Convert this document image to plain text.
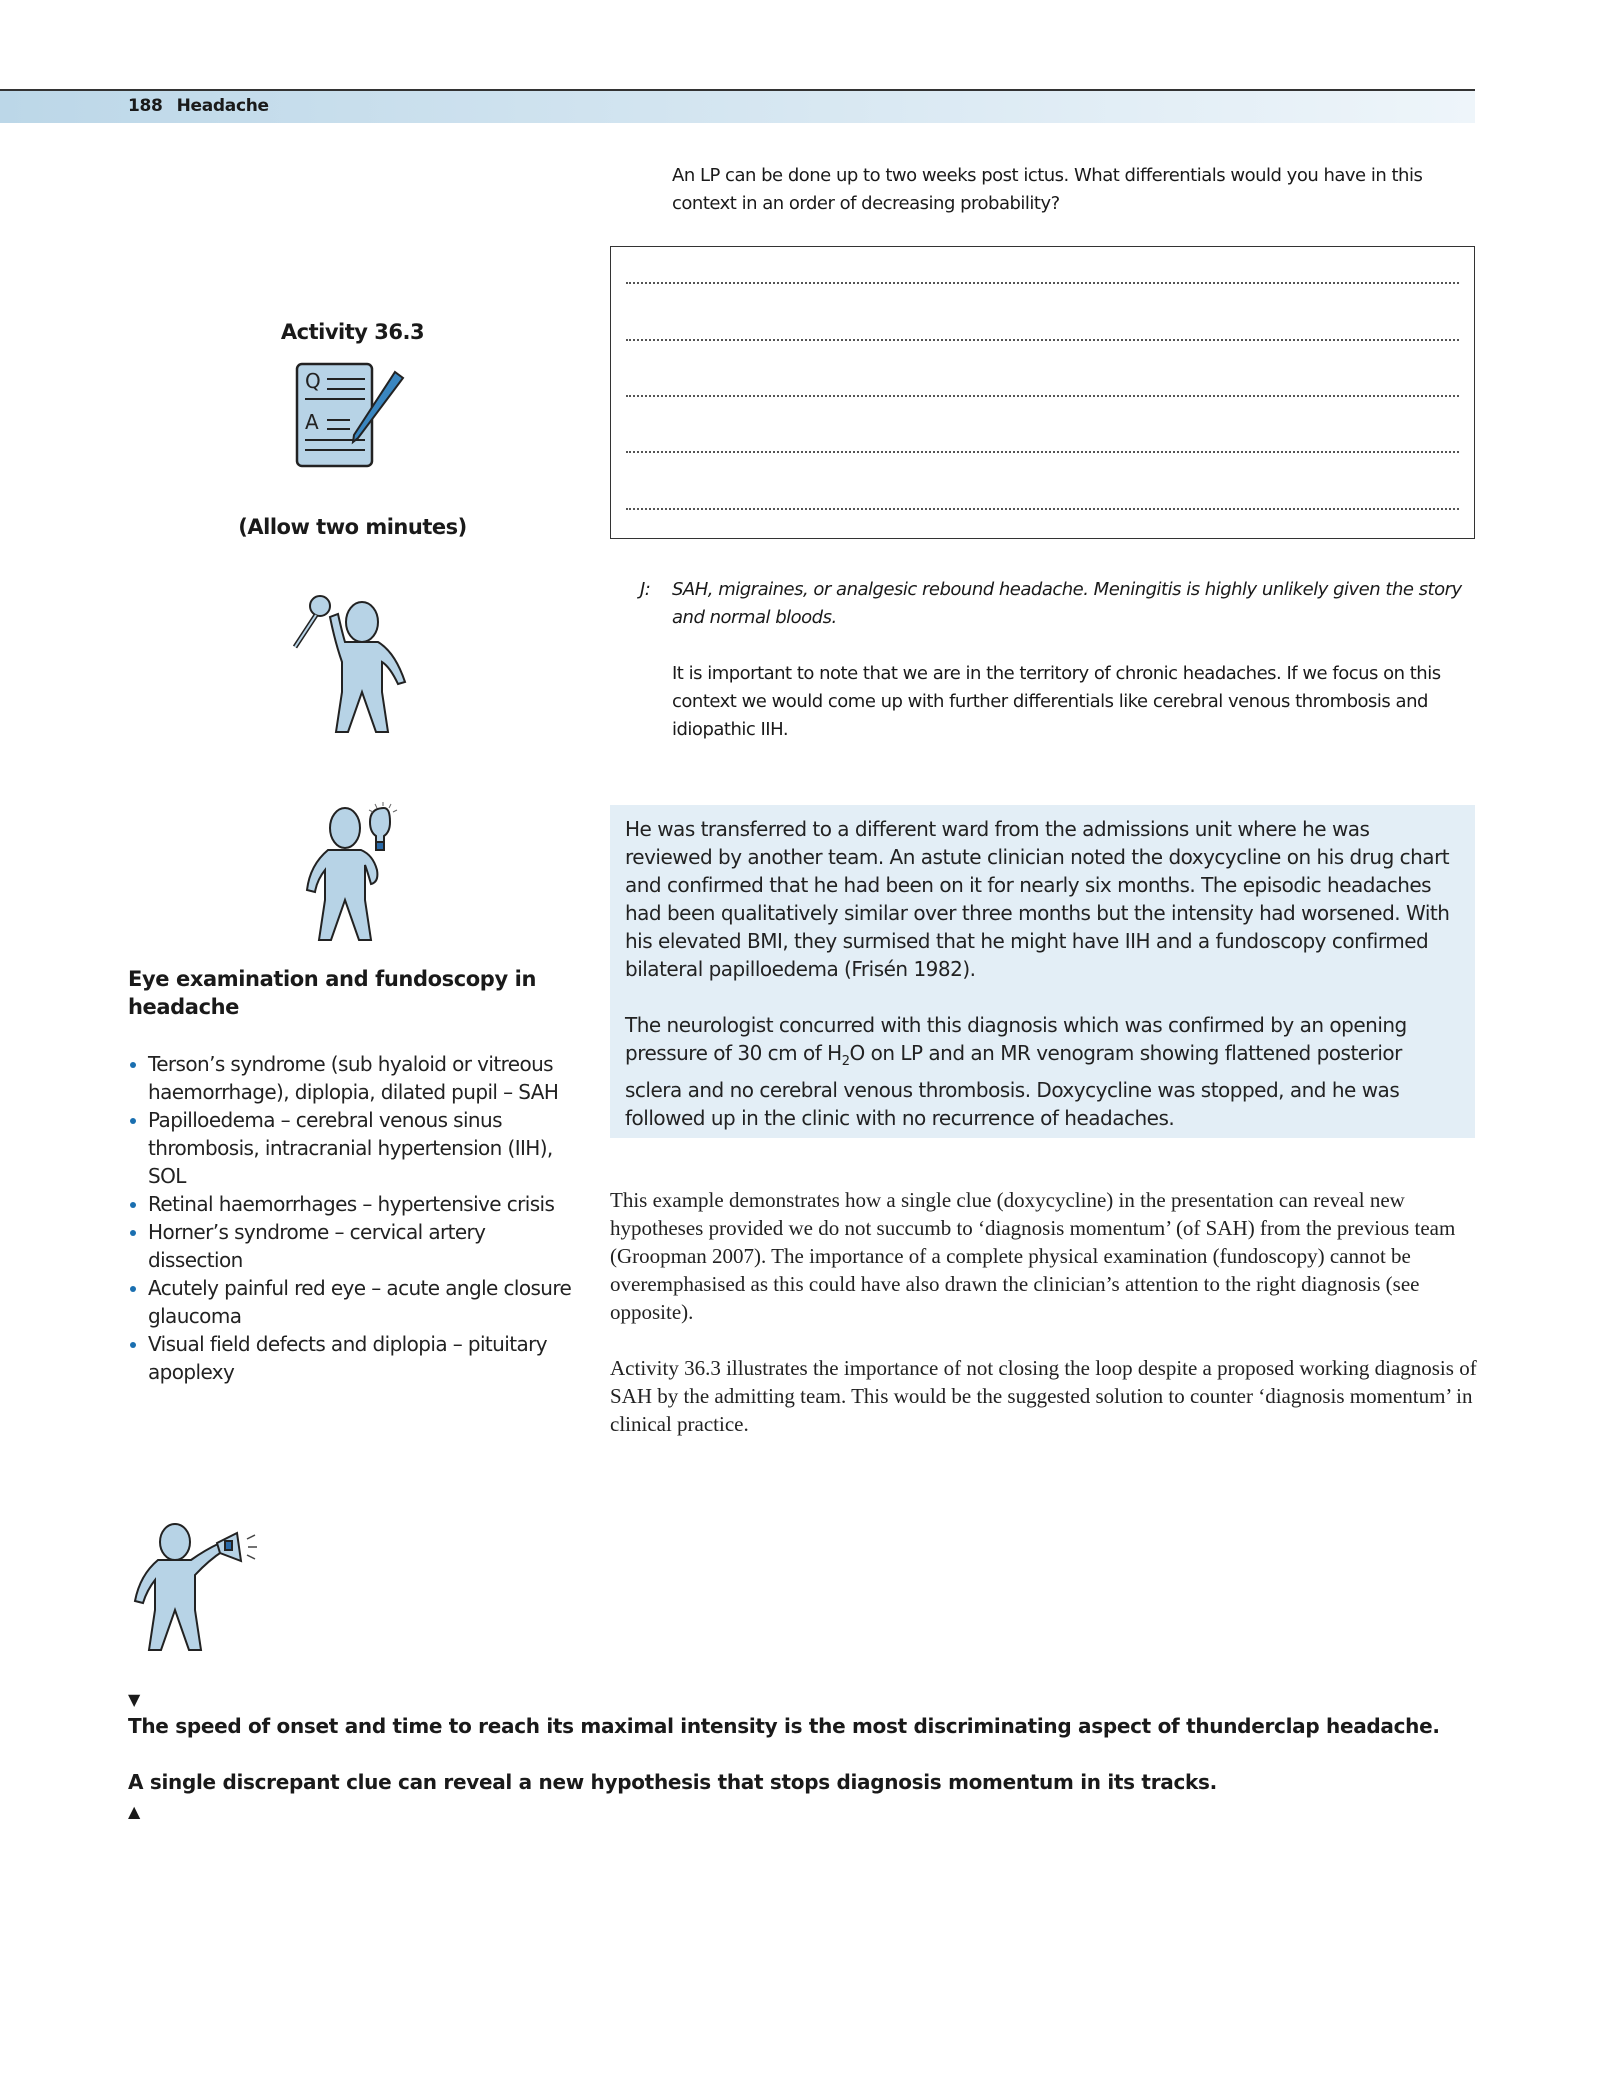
188 Headache
An LP can be done up to two weeks post ictus. What differentials would you have in this context in an order of decreasing probability?
Activity 36.3
Q
A
(Allow two minutes)
J: SAH, migraines, or analgesic rebound headache. Meningitis is highly unlikely given the story and normal bloods.
It is important to note that we are in the territory of chronic headaches. If we focus on this context we would come up with further differentials like cerebral venous thrombosis and idiopathic IIH.

He was transferred to a different ward from the admissions unit where he was reviewed by another team. An astute clinician noted the doxycycline on his drug chart and confirmed that he had been on it for nearly six months. The episodic headaches had been qualitatively similar over three months but the intensity had worsened. With his elevated BMI, they surmised that he might have IIH and a fundoscopy confirmed bilateral papilloedema (Frisén 1982).

The neurologist concurred with this diagnosis which was confirmed by an opening pressure of 30 cm of $H_2O$ on LP and an MR venogram showing flattened posterior sclera and no cerebral venous thrombosis. Doxycycline was stopped, and he was followed up in the clinic with no recurrence of headaches.

Eye examination and fundoscopy in headache
Terson’s syndrome (sub hyaloid or vitreous haemorrhage), diplopia, dilated pupil – SAH
Papilloedema – cerebral venous sinus thrombosis, intracranial hypertension (IIH), SOL
Retinal haemorrhages – hypertensive crisis
Horner’s syndrome – cervical artery dissection
Acutely painful red eye – acute angle closure glaucoma
Visual field defects and diplopia – pituitary apoplexy
This example demonstrates how a single clue (doxycycline) in the presentation can reveal new hypotheses provided we do not succumb to ‘diagnosis momentum’ (of SAH) from the previous team (Groopman 2007). The importance of a complete physical examination (fundoscopy) cannot be overemphasised as this could have also drawn the clinician’s attention to the right diagnosis (see opposite).
Activity 36.3 illustrates the importance of not closing the loop despite a proposed working diagnosis of SAH by the admitting team. This would be the suggested solution to counter ‘diagnosis momentum’ in clinical practice.
▼
The speed of onset and time to reach its maximal intensity is the most discriminating aspect of thunderclap headache.
A single discrepant clue can reveal a new hypothesis that stops diagnosis momentum in its tracks.
▲
